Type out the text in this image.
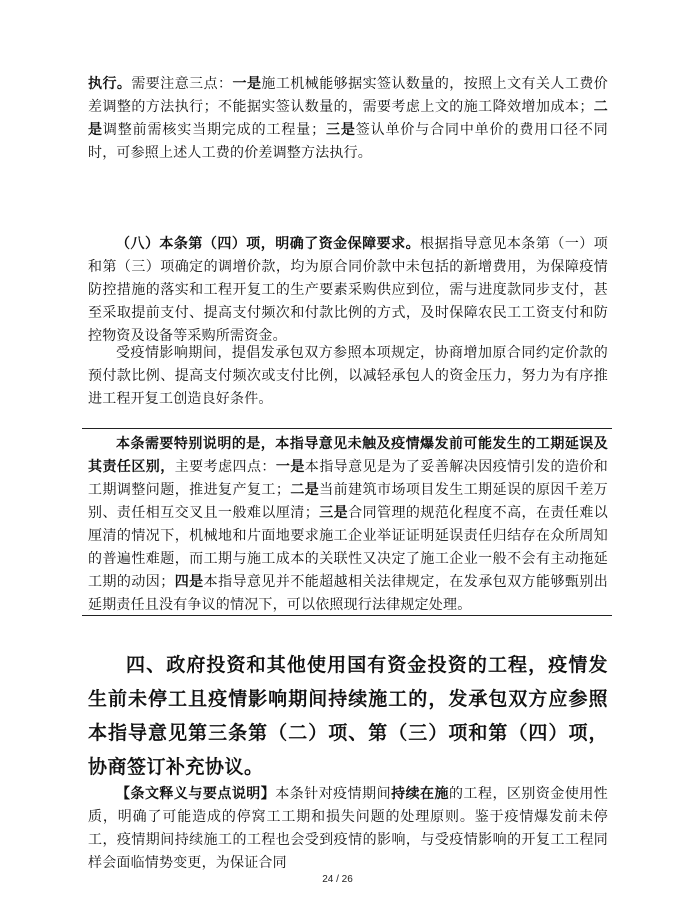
执行。需要注意三点：一是施工机械能够据实签认数量的，按照上文有关人工费价差调整的方法执行；不能据实签认数量的，需要考虑上文的施工降效增加成本；二是调整前需核实当期完成的工程量；三是签认单价与合同中单价的费用口径不同时，可参照上述人工费的价差调整方法执行。
（八）本条第（四）项，明确了资金保障要求。根据指导意见本条第（一）项和第（三）项确定的调增价款，均为原合同价款中未包括的新增费用，为保障疫情防控措施的落实和工程开复工的生产要素采购供应到位，需与进度款同步支付，甚至采取提前支付、提高支付频次和付款比例的方式，及时保障农民工工资支付和防控物资及设备等采购所需资金。
受疫情影响期间，提倡发承包双方参照本项规定，协商增加原合同约定价款的预付款比例、提高支付频次或支付比例，以减轻承包人的资金压力，努力为有序推进工程开复工创造良好条件。
本条需要特别说明的是，本指导意见未触及疫情爆发前可能发生的工期延误及其责任区别，主要考虑四点：一是本指导意见是为了妥善解决因疫情引发的造价和工期调整问题，推进复产复工；二是当前建筑市场项目发生工期延误的原因千差万别、责任相互交叉且一般难以厘清；三是合同管理的规范化程度不高，在责任难以厘清的情况下，机械地和片面地要求施工企业举证证明延误责任归结存在众所周知的普遍性难题，而工期与施工成本的关联性又决定了施工企业一般不会有主动拖延工期的动因；四是本指导意见并不能超越相关法律规定，在发承包双方能够甄别出延期责任且没有争议的情况下，可以依照现行法律规定处理。
四、政府投资和其他使用国有资金投资的工程，疫情发生前未停工且疫情影响期间持续施工的，发承包双方应参照本指导意见第三条第（二）项、第（三）项和第（四）项，协商签订补充协议。
【条文释义与要点说明】本条针对疫情期间持续在施的工程，区别资金使用性质，明确了可能造成的停窝工工期和损失问题的处理原则。鉴于疫情爆发前未停工，疫情期间持续施工的工程也会受到疫情的影响，与受疫情影响的开复工工程同样会面临情势变更，为保证合同
24 / 26
